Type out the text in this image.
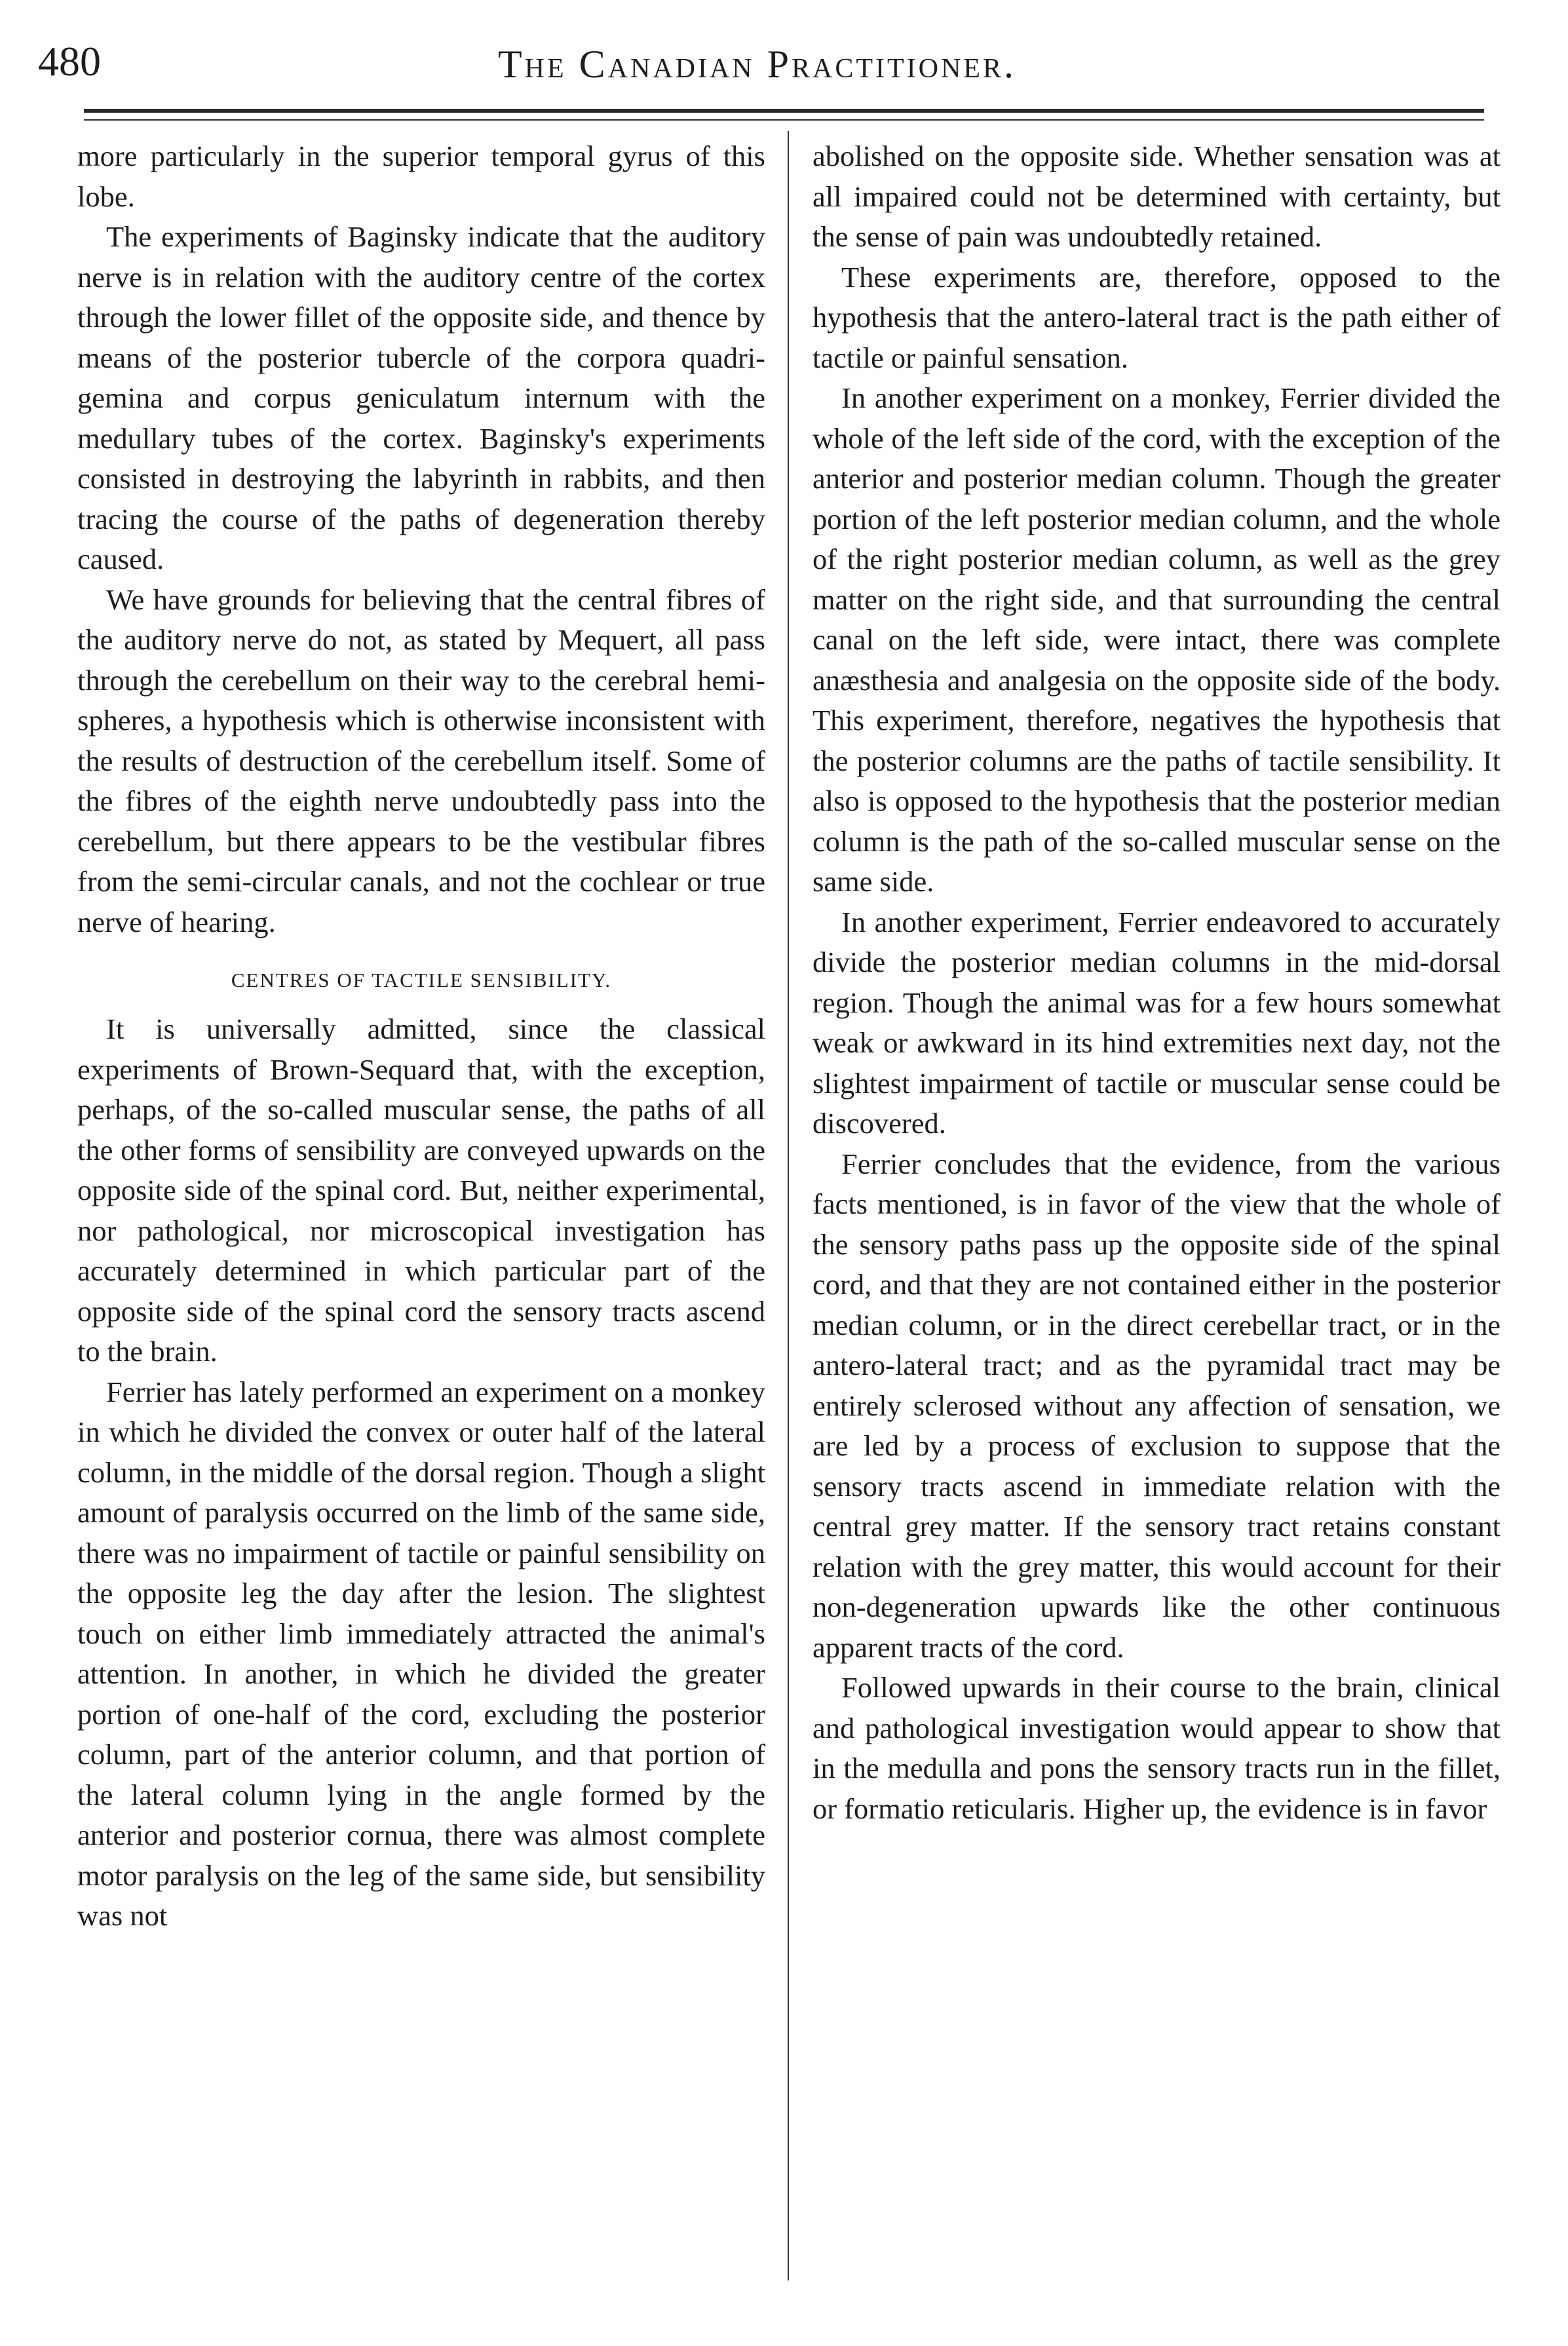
480	The Canadian Practitioner.

more particularly in the superior temporal gyrus of this lobe.

The experiments of Baginsky indicate that the auditory nerve is in relation with the auditory centre of the cortex through the lower fillet of the opposite side, and thence by means of the posterior tubercle of the corpora quadrigemina and corpus geniculatum internum with the medullary tubes of the cortex. Baginsky's experiments consisted in destroying the labyrinth in rabbits, and then tracing the course of the paths of degeneration thereby caused.

We have grounds for believing that the central fibres of the auditory nerve do not, as stated by Mequert, all pass through the cerebellum on their way to the cerebral hemispheres, a hypothesis which is otherwise inconsistent with the results of destruction of the cerebellum itself. Some of the fibres of the eighth nerve undoubtedly pass into the cerebellum, but there appears to be the vestibular fibres from the semi-circular canals, and not the cochlear or true nerve of hearing.

CENTRES OF TACTILE SENSIBILITY.

It is universally admitted, since the classical experiments of Brown-Sequard that, with the exception, perhaps, of the so-called muscular sense, the paths of all the other forms of sensibility are conveyed upwards on the opposite side of the spinal cord. But, neither experimental, nor pathological, nor microscopical investigation has accurately determined in which particular part of the opposite side of the spinal cord the sensory tracts ascend to the brain.

Ferrier has lately performed an experiment on a monkey in which he divided the convex or outer half of the lateral column, in the middle of the dorsal region. Though a slight amount of paralysis occurred on the limb of the same side, there was no impairment of tactile or painful sensibility on the opposite leg the day after the lesion. The slightest touch on either limb immediately attracted the animal's attention. In another, in which he divided the greater portion of one-half of the cord, excluding the posterior column, part of the anterior column, and that portion of the lateral column lying in the angle formed by the anterior and posterior cornua, there was almost complete motor paralysis on the leg of the same side, but sensibility was not

abolished on the opposite side. Whether sensation was at all impaired could not be determined with certainty, but the sense of pain was undoubtedly retained.

These experiments are, therefore, opposed to the hypothesis that the antero-lateral tract is the path either of tactile or painful sensation.

In another experiment on a monkey, Ferrier divided the whole of the left side of the cord, with the exception of the anterior and posterior median column. Though the greater portion of the left posterior median column, and the whole of the right posterior median column, as well as the grey matter on the right side, and that surrounding the central canal on the left side, were intact, there was complete anæsthesia and analgesia on the opposite side of the body. This experiment, therefore, negatives the hypothesis that the posterior columns are the paths of tactile sensibility. It also is opposed to the hypothesis that the posterior median column is the path of the so-called muscular sense on the same side.

In another experiment, Ferrier endeavored to accurately divide the posterior median columns in the mid-dorsal region. Though the animal was for a few hours somewhat weak or awkward in its hind extremities next day, not the slightest impairment of tactile or muscular sense could be discovered.

Ferrier concludes that the evidence, from the various facts mentioned, is in favor of the view that the whole of the sensory paths pass up the opposite side of the spinal cord, and that they are not contained either in the posterior median column, or in the direct cerebellar tract, or in the antero-lateral tract; and as the pyramidal tract may be entirely sclerosed without any affection of sensation, we are led by a process of exclusion to suppose that the sensory tracts ascend in immediate relation with the central grey matter. If the sensory tract retains constant relation with the grey matter, this would account for their non-degeneration upwards like the other continuous apparent tracts of the cord.

Followed upwards in their course to the brain, clinical and pathological investigation would appear to show that in the medulla and pons the sensory tracts run in the fillet, or formatio reticularis. Higher up, the evidence is in favor
